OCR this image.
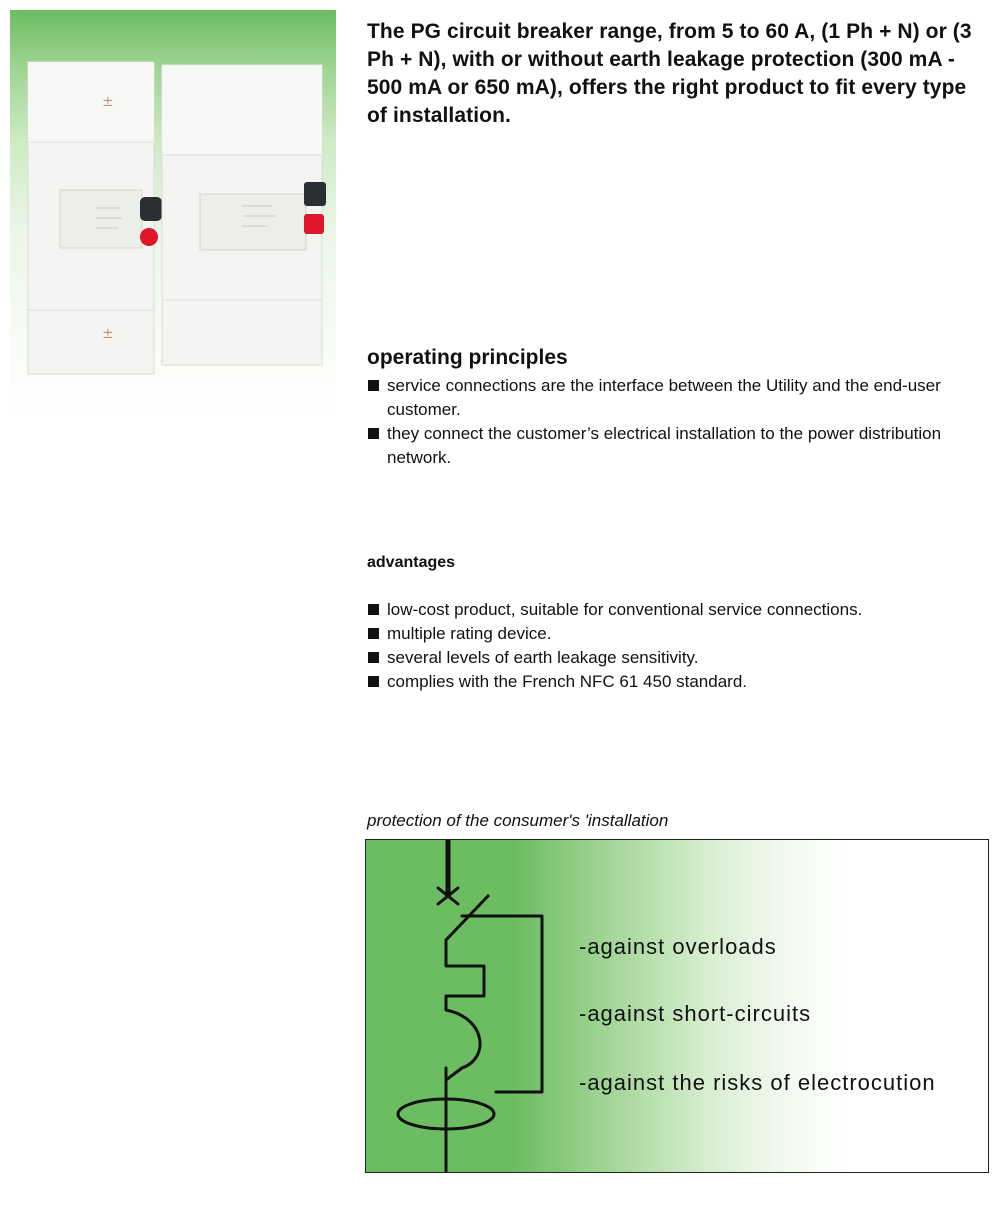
±
±

The PG circuit breaker range, from 5 to 60 A, (1 Ph + N) or (3 Ph + N), with or without earth leakage protection (300 mA - 500 mA or 650 mA), offers the right product to fit every type of installation.

operating principles
service connections are the interface between the Utility and the end-user customer.
they connect the customer’s electrical installation to the power distribution network.
advantages
low-cost product, suitable for conventional service connections.
multiple rating device.
several levels of earth leakage sensitivity.
complies with the French NFC 61 450 standard.

protection of the consumer's 'installation

-against overloads

-against short-circuits

-against the risks of electrocution
